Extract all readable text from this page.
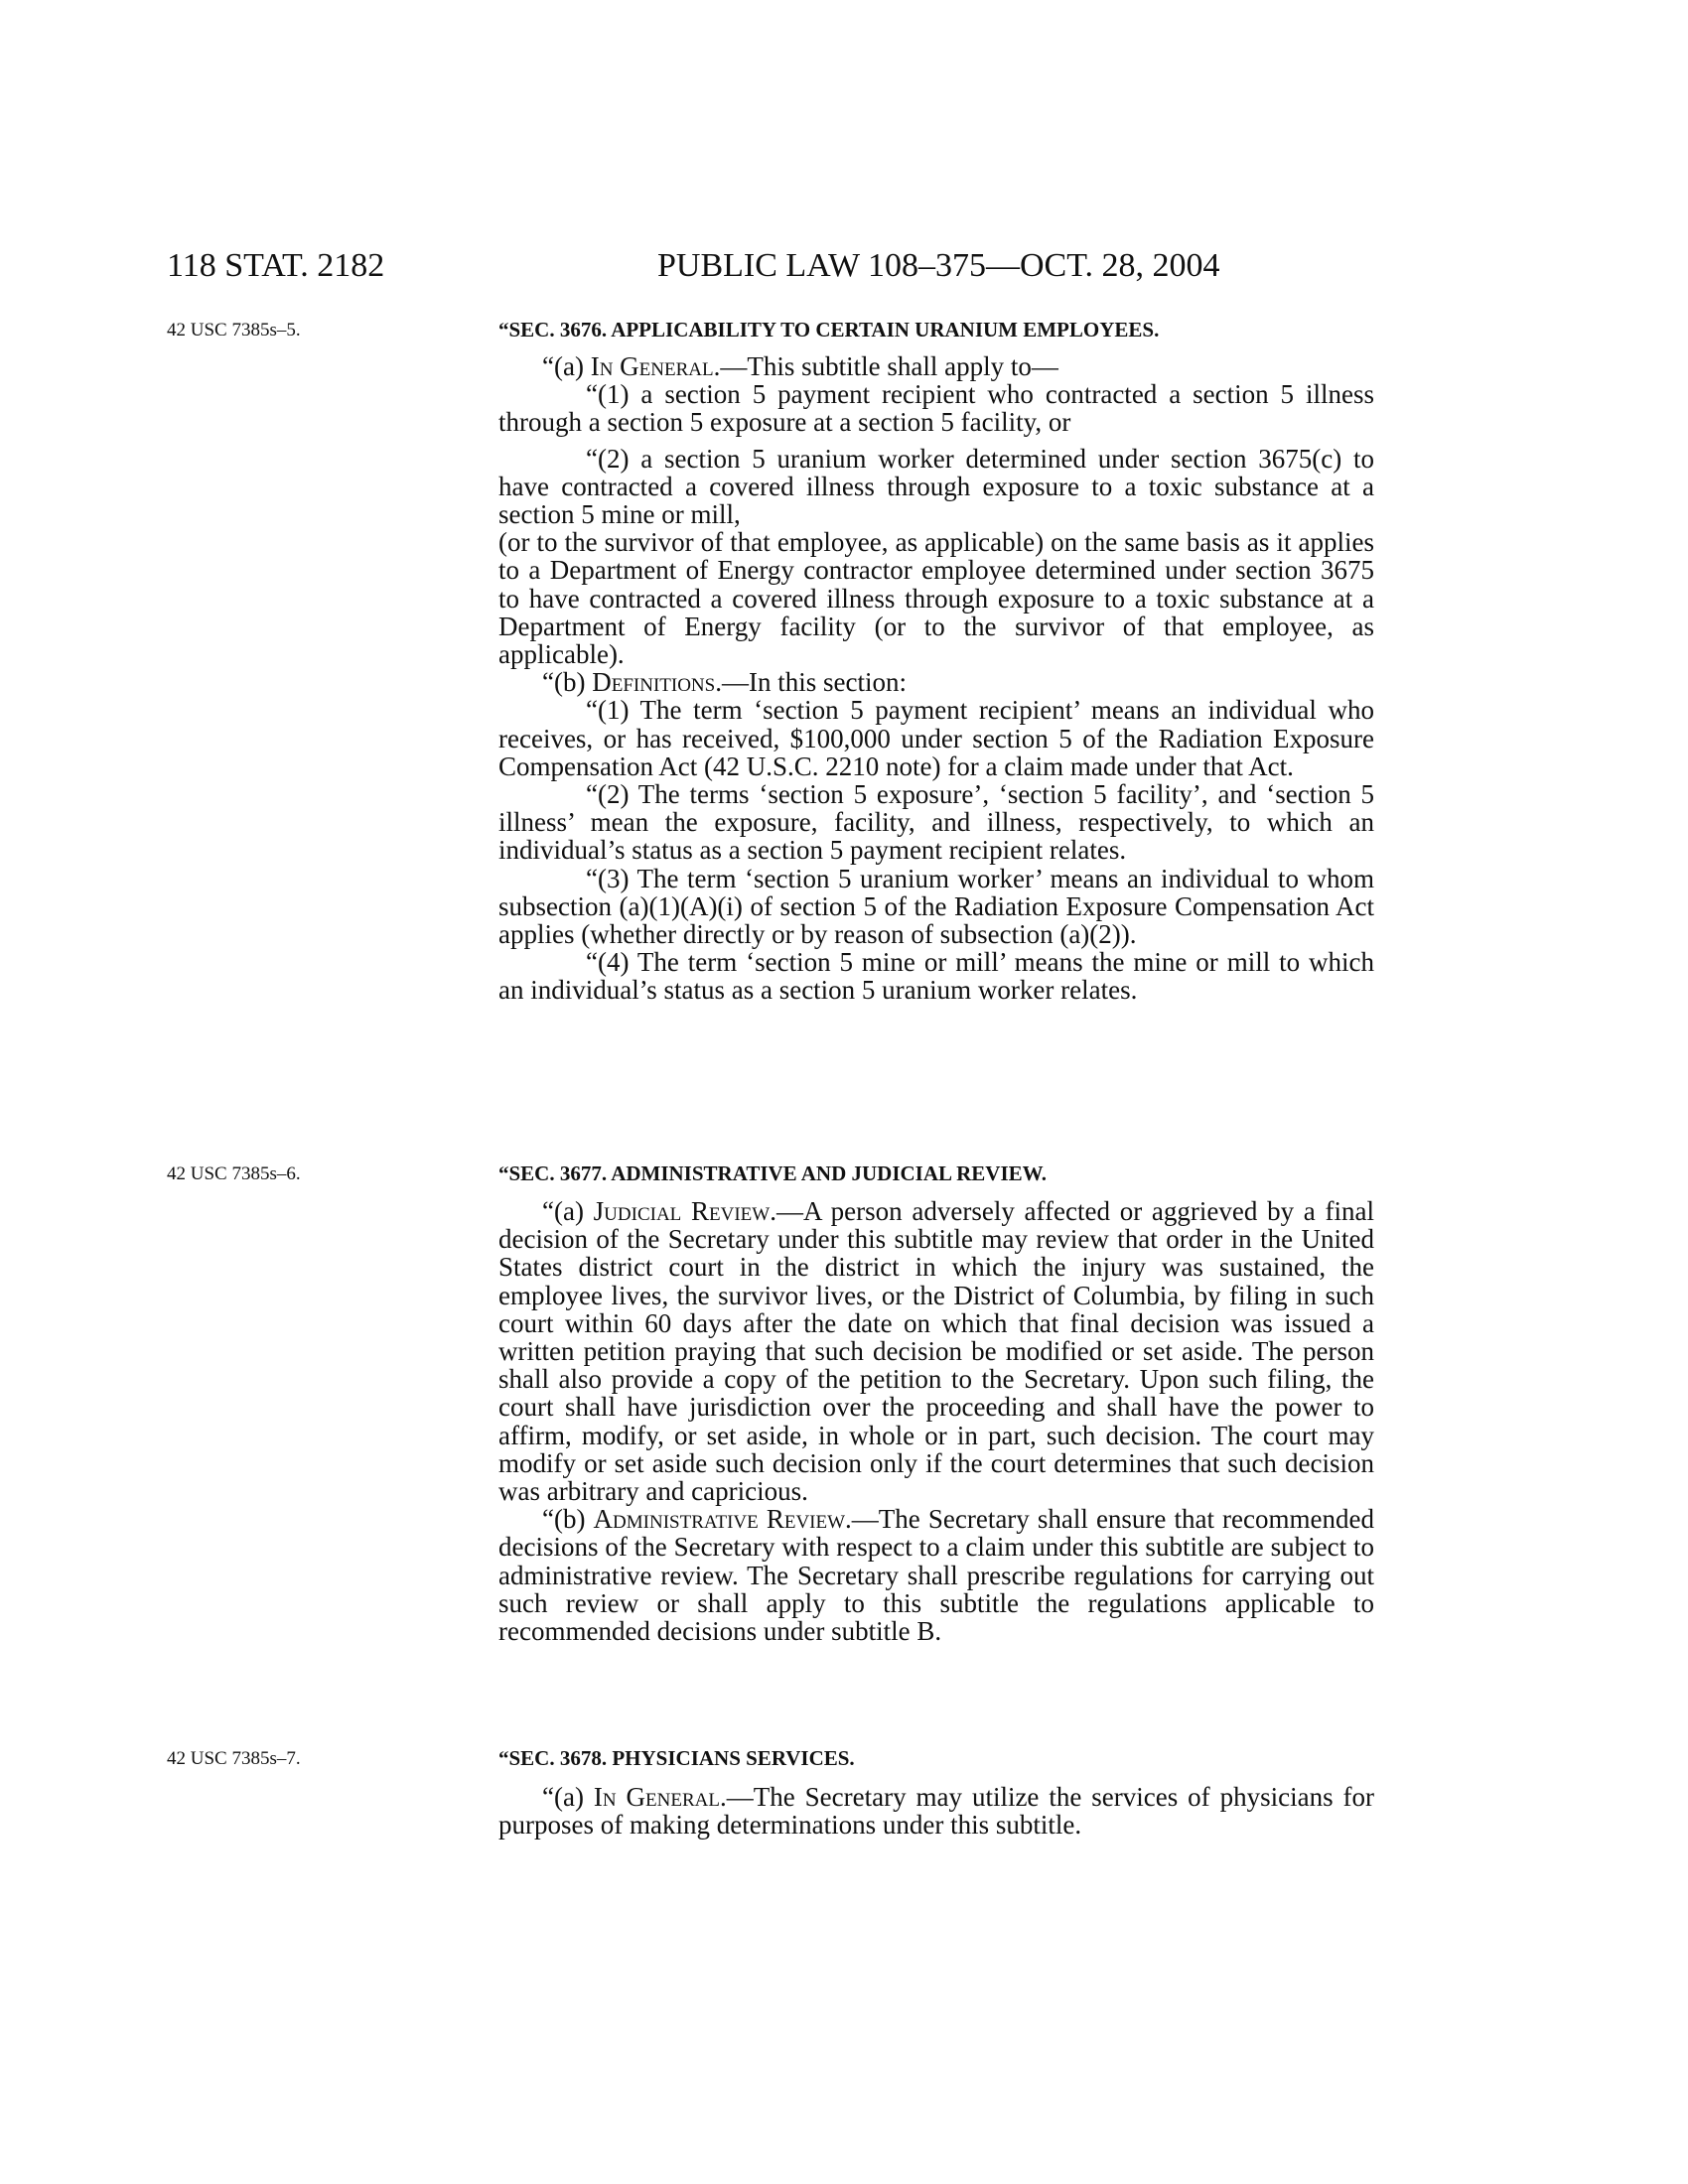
118 STAT. 2182	PUBLIC LAW 108–375—OCT. 28, 2004
42 USC 7385s–5.	“SEC. 3676. APPLICABILITY TO CERTAIN URANIUM EMPLOYEES.

“(a) In General.—This subtitle shall apply to—

“(1) a section 5 payment recipient who contracted a section 5 illness through a section 5 exposure at a section 5 facility, or

“(2) a section 5 uranium worker determined under section 3675(c) to have contracted a covered illness through exposure to a toxic substance at a section 5 mine or mill,

(or to the survivor of that employee, as applicable) on the same basis as it applies to a Department of Energy contractor employee determined under section 3675 to have contracted a covered illness through exposure to a toxic substance at a Department of Energy facility (or to the survivor of that employee, as applicable).

“(b) Definitions.—In this section:

“(1) The term ‘section 5 payment recipient’ means an individual who receives, or has received, $100,000 under section 5 of the Radiation Exposure Compensation Act (42 U.S.C. 2210 note) for a claim made under that Act.

“(2) The terms ‘section 5 exposure’, ‘section 5 facility’, and ‘section 5 illness’ mean the exposure, facility, and illness, respectively, to which an individual’s status as a section 5 payment recipient relates.

“(3) The term ‘section 5 uranium worker’ means an individual to whom subsection (a)(1)(A)(i) of section 5 of the Radiation Exposure Compensation Act applies (whether directly or by reason of subsection (a)(2)).

“(4) The term ‘section 5 mine or mill’ means the mine or mill to which an individual’s status as a section 5 uranium worker relates.

42 USC 7385s–6.	“SEC. 3677. ADMINISTRATIVE AND JUDICIAL REVIEW.

“(a) Judicial Review.—A person adversely affected or aggrieved by a final decision of the Secretary under this subtitle may review that order in the United States district court in the district in which the injury was sustained, the employee lives, the survivor lives, or the District of Columbia, by filing in such court within 60 days after the date on which that final decision was issued a written petition praying that such decision be modified or set aside. The person shall also provide a copy of the petition to the Secretary. Upon such filing, the court shall have jurisdiction over the proceeding and shall have the power to affirm, modify, or set aside, in whole or in part, such decision. The court may modify or set aside such decision only if the court determines that such decision was arbitrary and capricious.

“(b) Administrative Review.—The Secretary shall ensure that recommended decisions of the Secretary with respect to a claim under this subtitle are subject to administrative review. The Secretary shall prescribe regulations for carrying out such review or shall apply to this subtitle the regulations applicable to recommended decisions under subtitle B.

42 USC 7385s–7.	“SEC. 3678. PHYSICIANS SERVICES.

“(a) In General.—The Secretary may utilize the services of physicians for purposes of making determinations under this subtitle.
